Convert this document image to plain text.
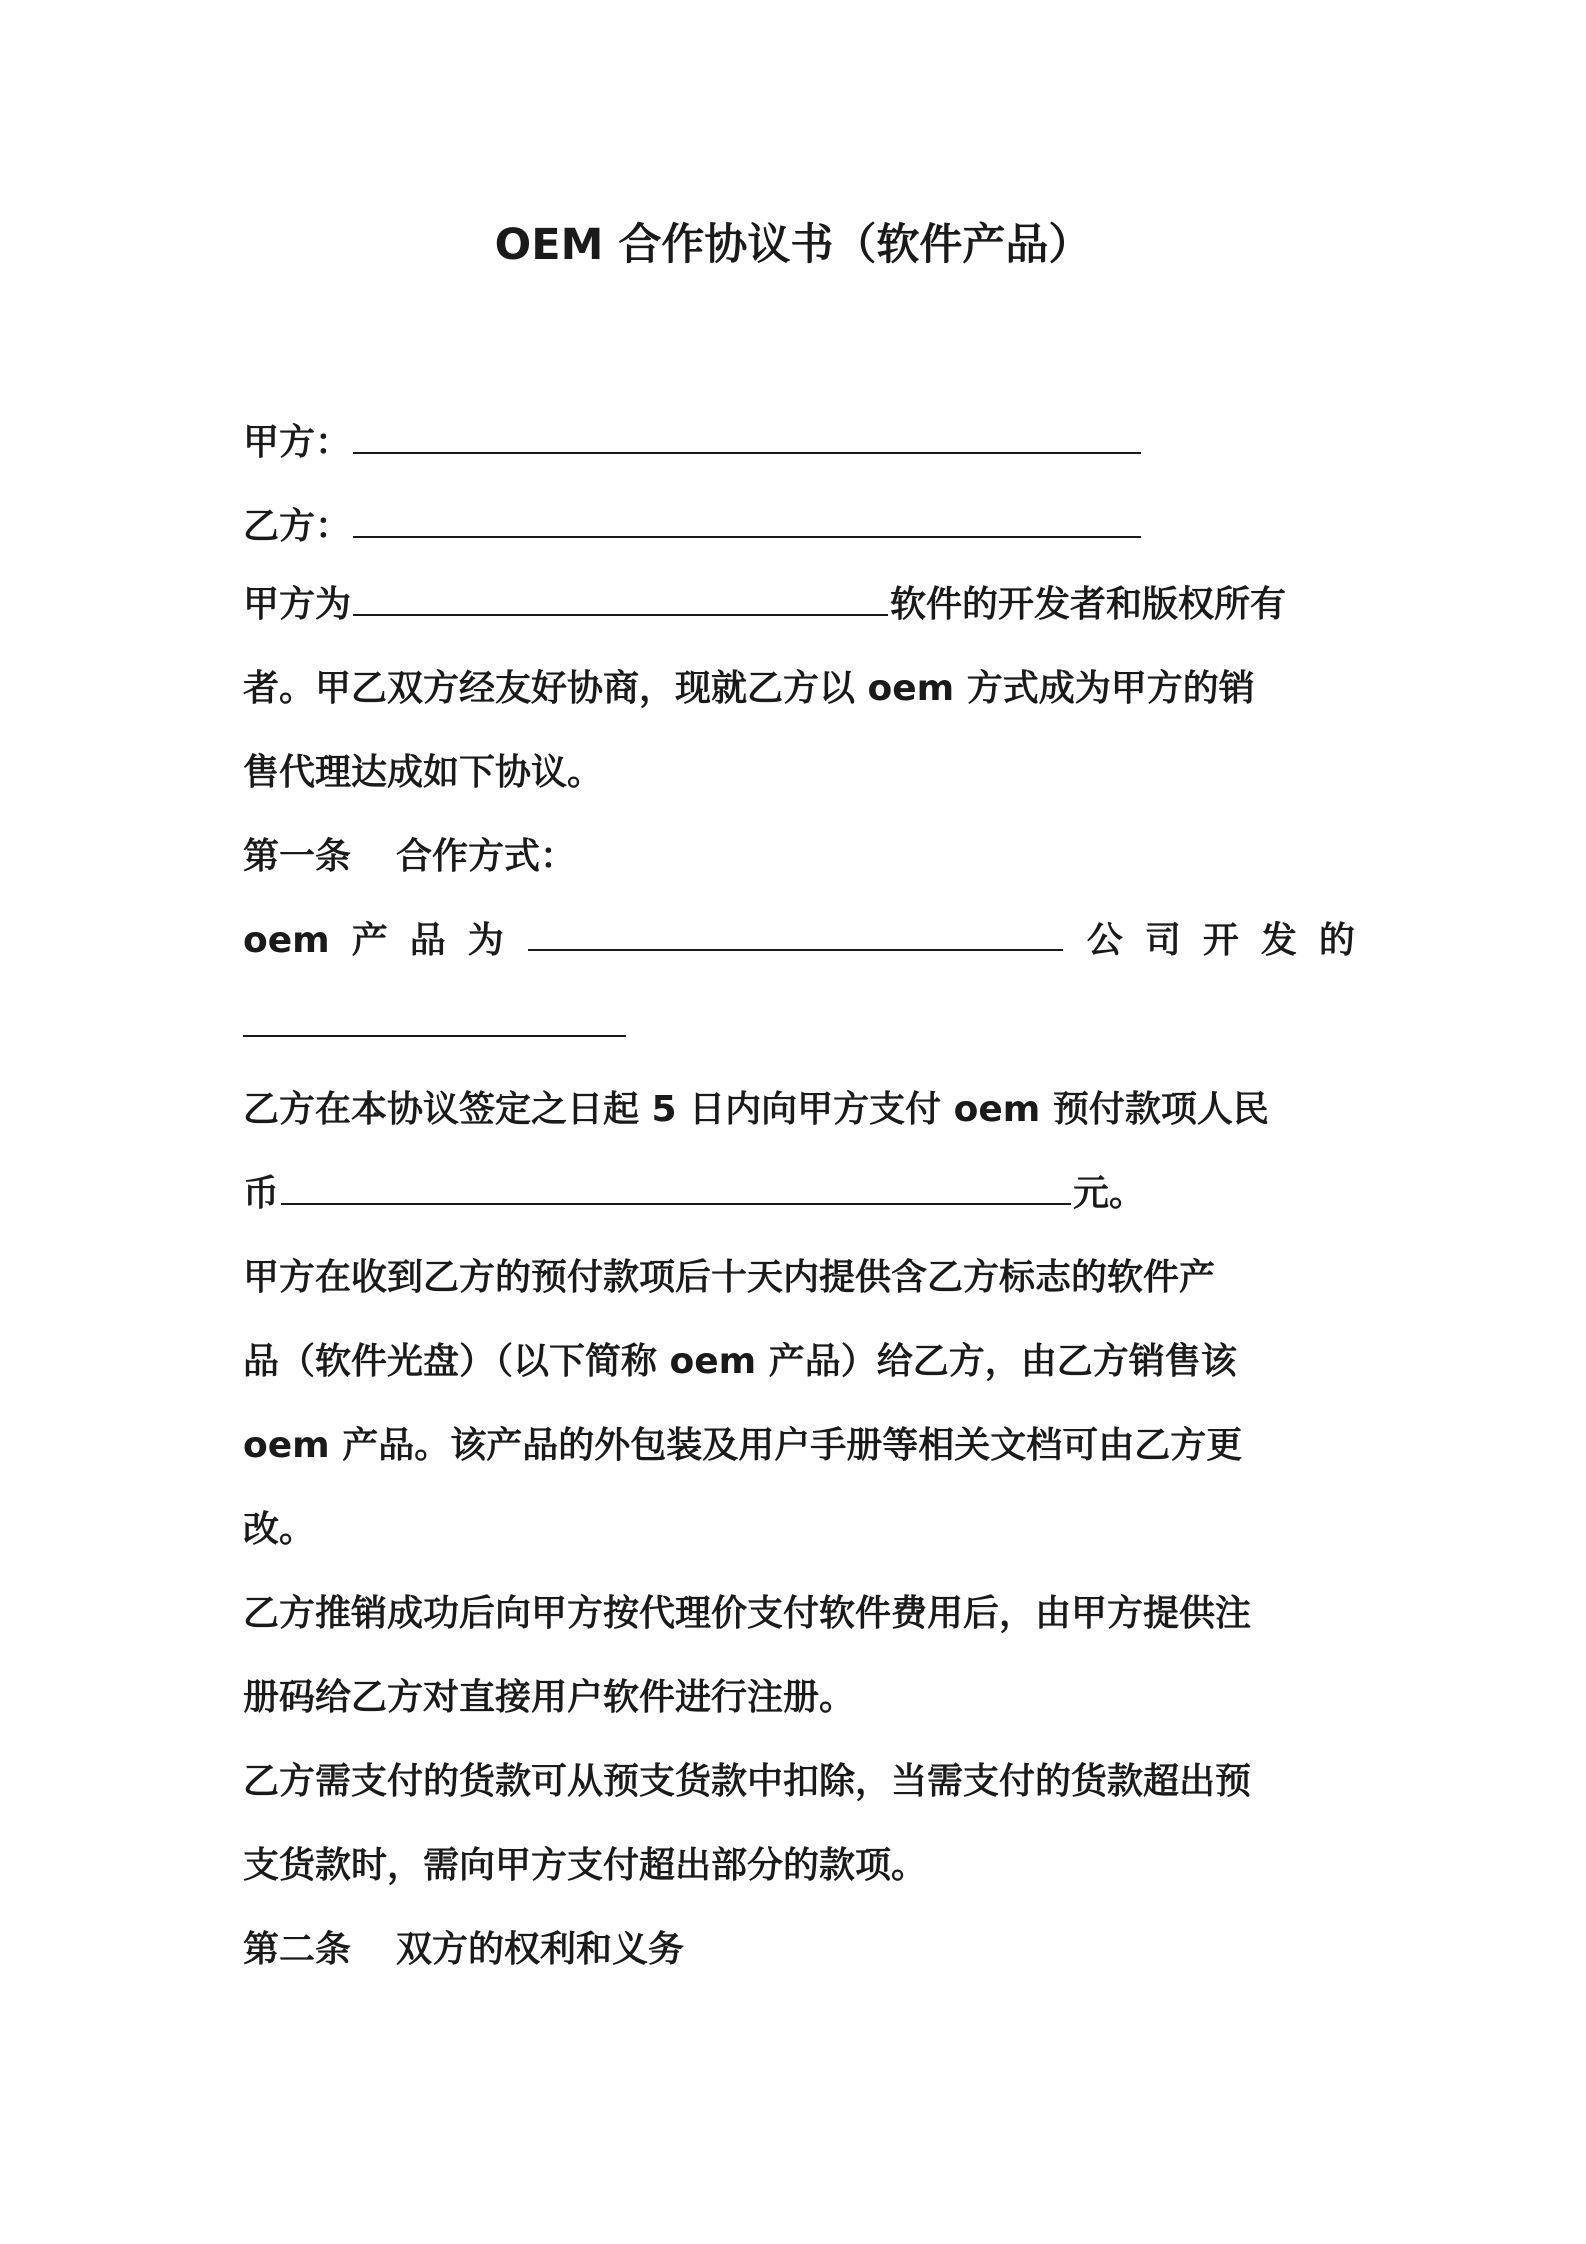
OEM 合作协议书（软件产品）
甲方：
乙方：
甲方为	软件的开发者和版权所有
者。甲乙双方经友好协商，现就乙方以 oem 方式成为甲方的销
售代理达成如下协议。
第一条 合作方式：
oem 产 品 为	公 司 开 发 的
乙方在本协议签定之日起 5 日内向甲方支付 oem 预付款项人民
币	元。
甲方在收到乙方的预付款项后十天内提供含乙方标志的软件产
品（软件光盘）（以下简称 oem 产品）给乙方，由乙方销售该
oem 产品。该产品的外包装及用户手册等相关文档可由乙方更
改。
乙方推销成功后向甲方按代理价支付软件费用后，由甲方提供注
册码给乙方对直接用户软件进行注册。
乙方需支付的货款可从预支货款中扣除，当需支付的货款超出预
支货款时，需向甲方支付超出部分的款项。
第二条 双方的权利和义务
